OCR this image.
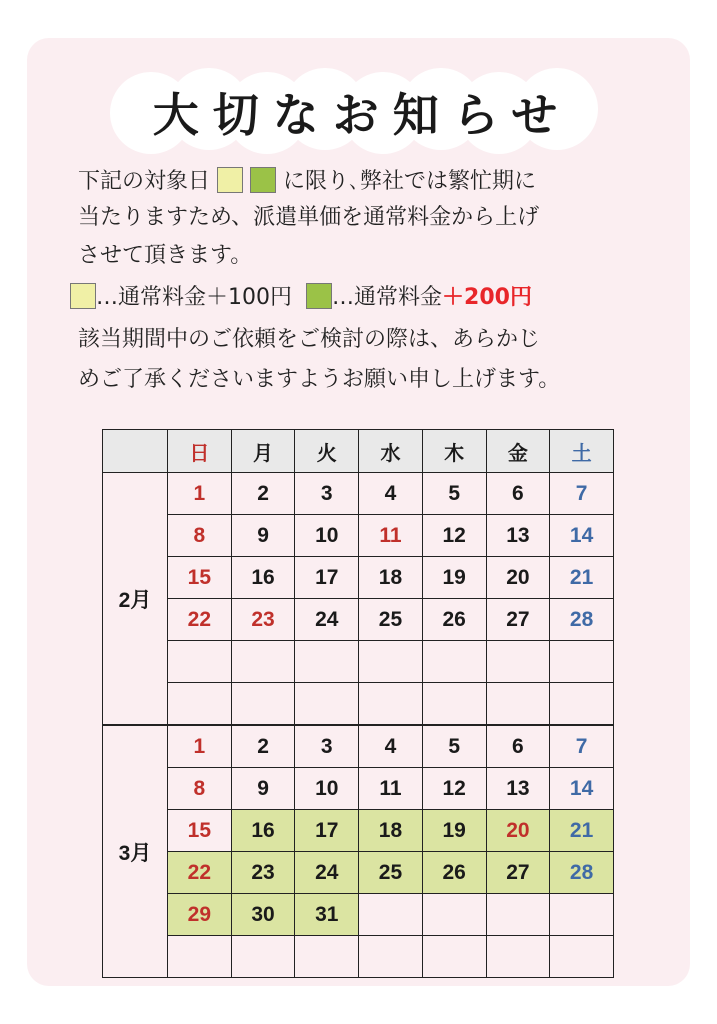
大切なお知らせ
下記の対象日	に限り､弊社では繁忙期に
当たりますため、派遣単価を通常料金から上げ
させて頂きます。
…通常料金＋100円 …通常料金＋200円
該当期間中のご依頼をご検討の際は、あらかじ
めご了承くださいますようお願い申し上げます。
	日	月	火	水	木	金	土
2月	1	2	3	4	5	6	7
	8	9	10	11	12	13	14
	15	16	17	18	19	20	21
	22	23	24	25	26	27	28

3月	1	2	3	4	5	6	7
	8	9	10	11	12	13	14
	15	16	17	18	19	20	21
	22	23	24	25	26	27	28
	29	30	31				
